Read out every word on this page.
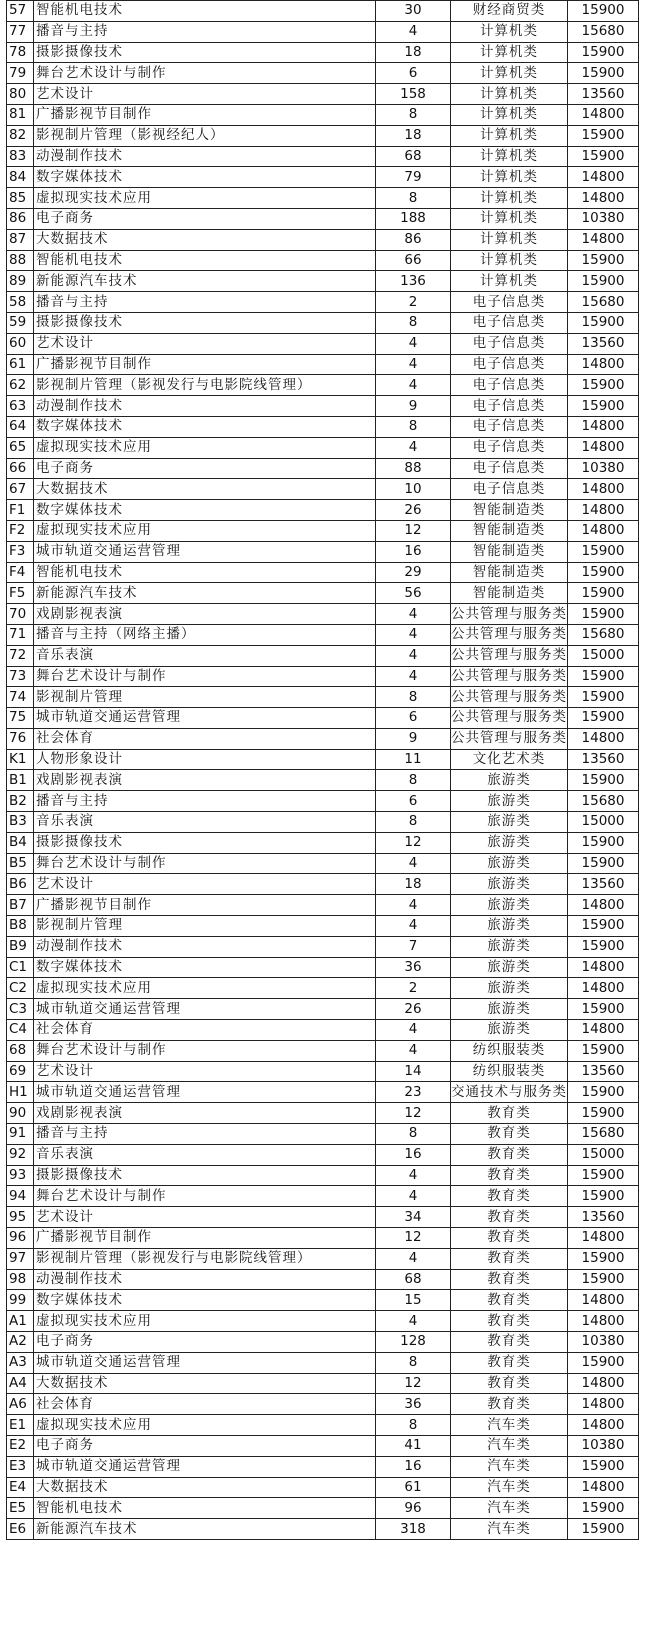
57	智能机电技术	30	财经商贸类	15900
77	播音与主持	4	计算机类	15680
78	摄影摄像技术	18	计算机类	15900
79	舞台艺术设计与制作	6	计算机类	15900
80	艺术设计	158	计算机类	13560
81	广播影视节目制作	8	计算机类	14800
82	影视制片管理（影视经纪人）	18	计算机类	15900
83	动漫制作技术	68	计算机类	15900
84	数字媒体技术	79	计算机类	14800
85	虚拟现实技术应用	8	计算机类	14800
86	电子商务	188	计算机类	10380
87	大数据技术	86	计算机类	14800
88	智能机电技术	66	计算机类	15900
89	新能源汽车技术	136	计算机类	15900
58	播音与主持	2	电子信息类	15680
59	摄影摄像技术	8	电子信息类	15900
60	艺术设计	4	电子信息类	13560
61	广播影视节目制作	4	电子信息类	14800
62	影视制片管理（影视发行与电影院线管理）	4	电子信息类	15900
63	动漫制作技术	9	电子信息类	15900
64	数字媒体技术	8	电子信息类	14800
65	虚拟现实技术应用	4	电子信息类	14800
66	电子商务	88	电子信息类	10380
67	大数据技术	10	电子信息类	14800
F1	数字媒体技术	26	智能制造类	14800
F2	虚拟现实技术应用	12	智能制造类	14800
F3	城市轨道交通运营管理	16	智能制造类	15900
F4	智能机电技术	29	智能制造类	15900
F5	新能源汽车技术	56	智能制造类	15900
70	戏剧影视表演	4	公共管理与服务类	15900
71	播音与主持（网络主播）	4	公共管理与服务类	15680
72	音乐表演	4	公共管理与服务类	15000
73	舞台艺术设计与制作	4	公共管理与服务类	15900
74	影视制片管理	8	公共管理与服务类	15900
75	城市轨道交通运营管理	6	公共管理与服务类	15900
76	社会体育	9	公共管理与服务类	14800
K1	人物形象设计	11	文化艺术类	13560
B1	戏剧影视表演	8	旅游类	15900
B2	播音与主持	6	旅游类	15680
B3	音乐表演	8	旅游类	15000
B4	摄影摄像技术	12	旅游类	15900
B5	舞台艺术设计与制作	4	旅游类	15900
B6	艺术设计	18	旅游类	13560
B7	广播影视节目制作	4	旅游类	14800
B8	影视制片管理	4	旅游类	15900
B9	动漫制作技术	7	旅游类	15900
C1	数字媒体技术	36	旅游类	14800
C2	虚拟现实技术应用	2	旅游类	14800
C3	城市轨道交通运营管理	26	旅游类	15900
C4	社会体育	4	旅游类	14800
68	舞台艺术设计与制作	4	纺织服装类	15900
69	艺术设计	14	纺织服装类	13560
H1	城市轨道交通运营管理	23	交通技术与服务类	15900
90	戏剧影视表演	12	教育类	15900
91	播音与主持	8	教育类	15680
92	音乐表演	16	教育类	15000
93	摄影摄像技术	4	教育类	15900
94	舞台艺术设计与制作	4	教育类	15900
95	艺术设计	34	教育类	13560
96	广播影视节目制作	12	教育类	14800
97	影视制片管理（影视发行与电影院线管理）	4	教育类	15900
98	动漫制作技术	68	教育类	15900
99	数字媒体技术	15	教育类	14800
A1	虚拟现实技术应用	4	教育类	14800
A2	电子商务	128	教育类	10380
A3	城市轨道交通运营管理	8	教育类	15900
A4	大数据技术	12	教育类	14800
A6	社会体育	36	教育类	14800
E1	虚拟现实技术应用	8	汽车类	14800
E2	电子商务	41	汽车类	10380
E3	城市轨道交通运营管理	16	汽车类	15900
E4	大数据技术	61	汽车类	14800
E5	智能机电技术	96	汽车类	15900
E6	新能源汽车技术	318	汽车类	15900
